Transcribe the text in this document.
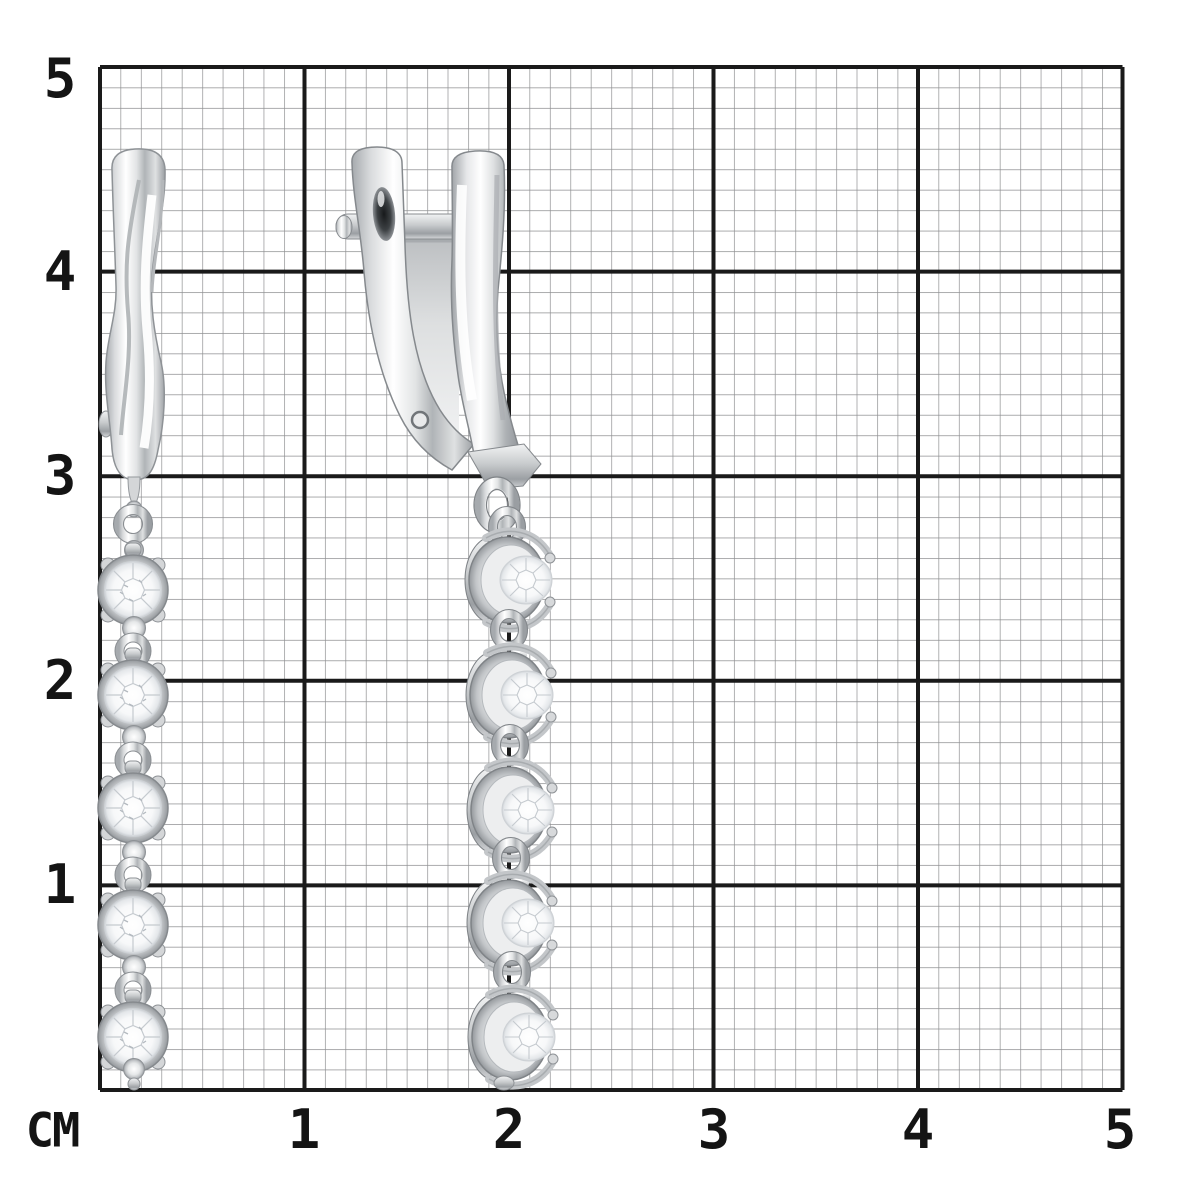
5
4
3
2
1
CM	1	2	3	4	5
